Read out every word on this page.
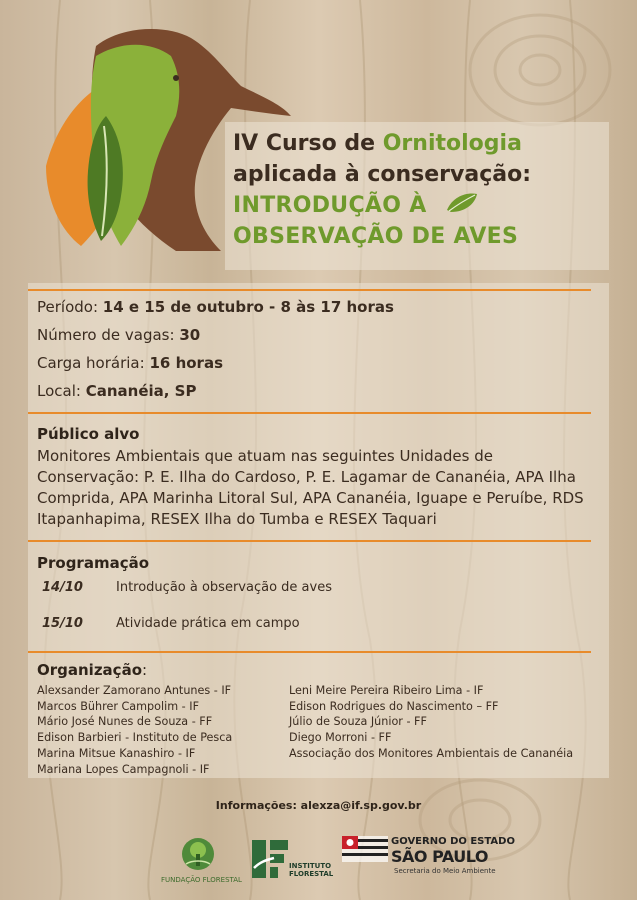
IV Curso de Ornitologia
aplicada à conservação:
INTRODUÇÃO À
OBSERVAÇÃO DE AVES
Período: 14 e 15 de outubro - 8 às 17 horas
Número de vagas: 30
Carga horária: 16 horas
Local: Cananéia, SP
Público alvo
Monitores Ambientais que atuam nas seguintes Unidades de Conservação: P. E. Ilha do Cardoso, P. E. Lagamar de Cananéia, APA Ilha Comprida, APA Marinha Litoral Sul, APA Cananéia, Iguape e Peruíbe, RDS Itapanhapima, RESEX Ilha do Tumba e RESEX Taquari
Programação
14/10	Introdução à observação de aves
15/10	Atividade prática em campo
Organização:
Alexsander Zamorano Antunes - IF
Marcos Bührer Campolim - IF
Mário José Nunes de Souza - FF
Edison Barbieri - Instituto de Pesca
Marina Mitsue Kanashiro - IF
Mariana Lopes Campagnoli - IF
Leni Meire Pereira Ribeiro Lima - IF
Edison Rodrigues do Nascimento – FF
Júlio de Souza Júnior - FF
Diego Morroni - FF
Associação dos Monitores Ambientais de Cananéia
Informações: alexza@if.sp.gov.br
FUNDAÇÃO FLORESTAL
INSTITUTO
FLORESTAL
GOVERNO DO ESTADO
SÃO PAULO
Secretaria do Meio Ambiente
